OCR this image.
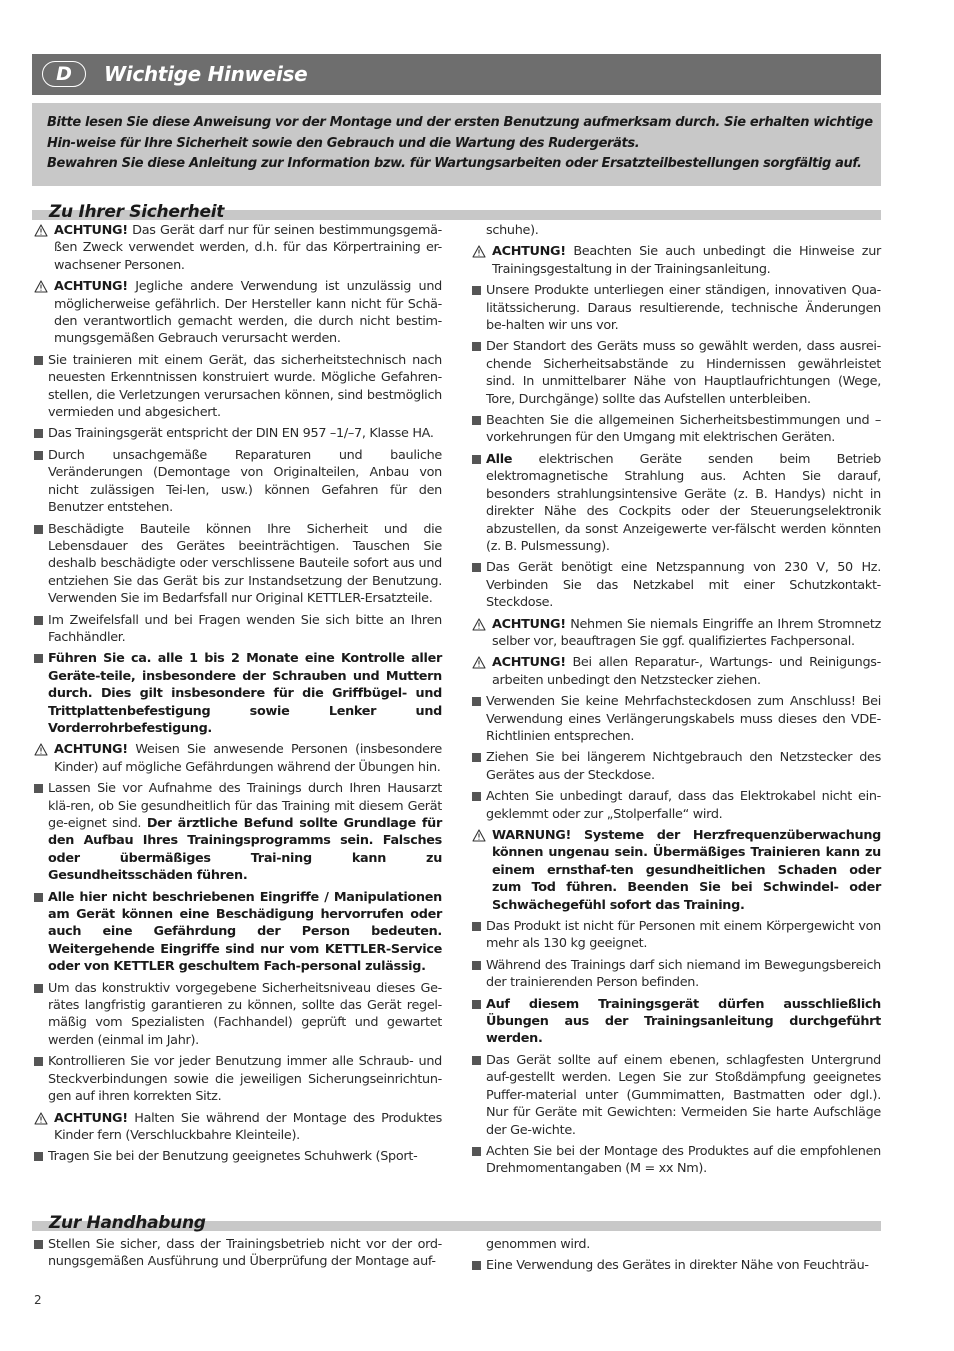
D	Wichtige Hinweise

Bitte lesen Sie diese Anweisung vor der Montage und der ersten Benutzung aufmerksam durch. Sie erhalten wichtige Hin-weise für Ihre Sicherheit sowie den Gebrauch und die Wartung des Rudergeräts.
Bewahren Sie diese Anleitung zur Information bzw. für Wartungsarbeiten oder Ersatzteilbestellungen sorgfältig auf.

Zu Ihrer Sicherheit
ACHTUNG! Das Gerät darf nur für seinen bestimmungsgemä-ßen Zweck verwendet werden, d.h. für das Körpertraining er-wachsener Personen.
ACHTUNG! Jegliche andere Verwendung ist unzulässig und möglicherweise gefährlich. Der Hersteller kann nicht für Schä-den verantwortlich gemacht werden, die durch nicht bestim-mungsgemäßen Gebrauch verursacht werden.
Sie trainieren mit einem Gerät, das sicherheitstechnisch nach neuesten Erkenntnissen konstruiert wurde. Mögliche Gefahren-stellen, die Verletzungen verursachen können, sind bestmöglich vermieden und abgesichert.
Das Trainingsgerät entspricht der DIN EN 957 –1/–7, Klasse HA.
Durch unsachgemäße Reparaturen und bauliche Veränderungen (Demontage von Originalteilen, Anbau von nicht zulässigen Tei-len, usw.) können Gefahren für den Benutzer entstehen.
Beschädigte Bauteile können Ihre Sicherheit und die Lebensdauer des Gerätes beeinträchtigen. Tauschen Sie deshalb beschädigte oder verschlissene Bauteile sofort aus und entziehen Sie das Gerät bis zur Instandsetzung der Benutzung. Verwenden Sie im Bedarfsfall nur Original KETTLER-Ersatzteile.
Im Zweifelsfall und bei Fragen wenden Sie sich bitte an Ihren Fachhändler.
Führen Sie ca. alle 1 bis 2 Monate eine Kontrolle aller Geräte-teile, insbesondere der Schrauben und Muttern durch. Dies gilt insbesondere für die Griffbügel- und Trittplattenbefestigung sowie Lenker und Vorderrohrbefestigung.
ACHTUNG! Weisen Sie anwesende Personen (insbesondere Kinder) auf mögliche Gefährdungen während der Übungen hin.
Lassen Sie vor Aufnahme des Trainings durch Ihren Hausarzt klä-ren, ob Sie gesundheitlich für das Training mit diesem Gerät ge-eignet sind. Der ärztliche Befund sollte Grundlage für den Aufbau Ihres Trainingsprogramms sein. Falsches oder übermäßiges Trai-ning kann zu Gesundheitsschäden führen.
Alle hier nicht beschriebenen Eingriffe / Manipulationen am Gerät können eine Beschädigung hervorrufen oder auch eine Gefährdung der Person bedeuten. Weitergehende Eingriffe sind nur vom KETTLER-Service oder von KETTLER geschultem Fach-personal zulässig.
Um das konstruktiv vorgegebene Sicherheitsniveau dieses Ge-rätes langfristig garantieren zu können, sollte das Gerät regel-mäßig vom Spezialisten (Fachhandel) geprüft und gewartet werden (einmal im Jahr).
Kontrollieren Sie vor jeder Benutzung immer alle Schraub- und Steckverbindungen sowie die jeweiligen Sicherungseinrichtun-gen auf ihren korrekten Sitz.
ACHTUNG! Halten Sie während der Montage des Produktes Kinder fern (Verschluckbahre Kleinteile).
Tragen Sie bei der Benutzung geeignetes Schuhwerk (Sport-
schuhe).
ACHTUNG! Beachten Sie auch unbedingt die Hinweise zur Trainingsgestaltung in der Trainingsanleitung.
Unsere Produkte unterliegen einer ständigen, innovativen Qua-litätssicherung. Daraus resultierende, technische Änderungen be-halten wir uns vor.
Der Standort des Geräts muss so gewählt werden, dass ausrei-chende Sicherheitsabstände zu Hindernissen gewährleistet sind. In unmittelbarer Nähe von Hauptlaufrichtungen (Wege, Tore, Durchgänge) sollte das Aufstellen unterbleiben.
Beachten Sie die allgemeinen Sicherheitsbestimmungen und – vorkehrungen für den Umgang mit elektrischen Geräten.
Alle elektrischen Geräte senden beim Betrieb elektromagnetische Strahlung aus. Achten Sie darauf, besonders strahlungsintensive Geräte (z. B. Handys) nicht in direkter Nähe des Cockpits oder der Steuerungselektronik abzustellen, da sonst Anzeigewerte ver-fälscht werden könnten (z. B. Pulsmessung).
Das Gerät benötigt eine Netzspannung von 230 V, 50 Hz. Verbinden Sie das Netzkabel mit einer Schutzkontakt-Steckdose.
ACHTUNG! Nehmen Sie niemals Eingriffe an Ihrem Stromnetz selber vor, beauftragen Sie ggf. qualifiziertes Fachpersonal.
ACHTUNG! Bei allen Reparatur-, Wartungs- und Reinigungs-arbeiten unbedingt den Netzstecker ziehen.
Verwenden Sie keine Mehrfachsteckdosen zum Anschluss! Bei Verwendung eines Verlängerungskabels muss dieses den VDE-Richtlinien entsprechen.
Ziehen Sie bei längerem Nichtgebrauch den Netzstecker des Gerätes aus der Steckdose.
Achten Sie unbedingt darauf, dass das Elektrokabel nicht ein-geklemmt oder zur „Stolperfalle“ wird.
WARNUNG! Systeme der Herzfrequenzüberwachung können ungenau sein. Übermäßiges Trainieren kann zu einem ernsthaf-ten gesundheitlichen Schaden oder zum Tod führen. Beenden Sie bei Schwindel- oder Schwächegefühl sofort das Training.
Das Produkt ist nicht für Personen mit einem Körpergewicht von mehr als 130 kg geeignet.
Während des Trainings darf sich niemand im Bewegungsbereich der trainierenden Person befinden.
Auf diesem Trainingsgerät dürfen ausschließlich Übungen aus der Trainingsanleitung durchgeführt werden.
Das Gerät sollte auf einem ebenen, schlagfesten Untergrund auf-gestellt werden. Legen Sie zur Stoßdämpfung geeignetes Puffer-material unter (Gummimatten, Bastmatten oder dgl.). Nur für Geräte mit Gewichten: Vermeiden Sie harte Aufschläge der Ge-wichte.
Achten Sie bei der Montage des Produktes auf die empfohlenen Drehmomentangaben (M = xx Nm).
Zur Handhabung
Stellen Sie sicher, dass der Trainingsbetrieb nicht vor der ord-nungsgemäßen Ausführung und Überprüfung der Montage auf-
genommen wird.
Eine Verwendung des Gerätes in direkter Nähe von Feuchträu-
2
